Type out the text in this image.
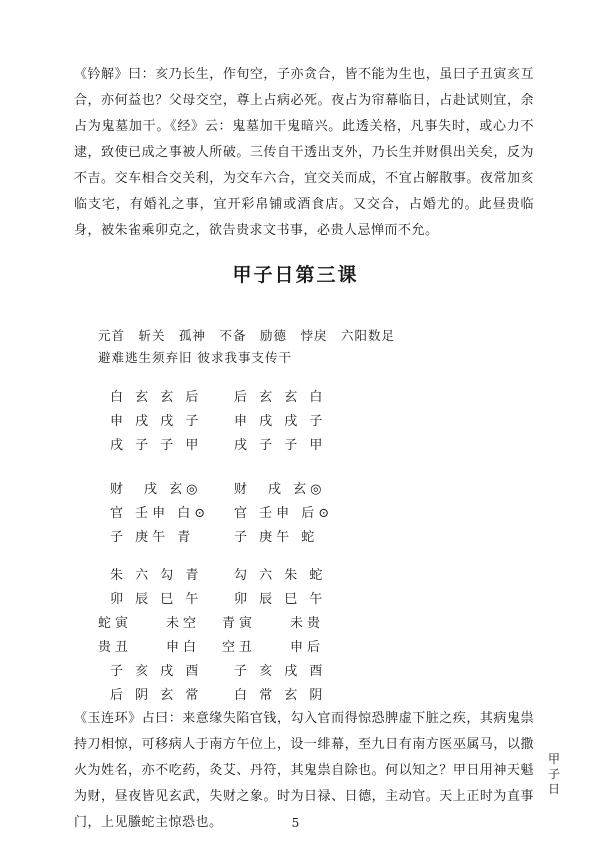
《钤解》曰：亥乃长生，作旬空，子亦贪合，皆不能为生也，虽曰子丑寅亥互合，亦何益也？父母交空，尊上占病必死。夜占为帘幕临日，占赴试则宜，余占为鬼墓加干。《经》云：鬼墓加干鬼暗兴。此透关格，凡事失时，或心力不逮，致使已成之事被人所破。三传自干透出支外，乃长生并财俱出关矣，反为不吉。交车相合交关利，为交车六合，宜交关而成，不宜占解散事。夜常加亥临支宅，有婚礼之事，宜开彩帛铺或酒食店。又交合，占婚尤的。此昼贵临身，被朱雀乘卯克之，欲告贵求文书事，必贵人忌惮而不允。

甲子日第三课
元首　斩关　孤神　不备　励德　悖戾　六阳数足
避难逃生须弃旧 彼求我事支传干
白 玄 玄 后
申 戌 戌 子
戌 子 子 甲
后 玄 玄 白
申 戌 戌 子
戌 子 子 甲
财　戌 玄◎
官 壬申 白⊙
子 庚午 青
财　戌 玄◎
官 壬申 后⊙
子 庚午 蛇
朱 六 勾 青
卯 辰 巳 午
蛇寅　　未空
贵丑　　申白
子 亥 戌 酉
后 阴 玄 常
勾 六 朱 蛇
卯 辰 巳 午
青寅　　未贵
空丑　　申后
子 亥 戌 酉
白 常 玄 阴

《玉连环》占曰：来意缘失陷官钱，勾入官而得惊恐脾虚下脏之疾，其病鬼祟持刀相惊，可移病人于南方午位上，设一绯幕，至九日有南方医巫属马，以撒火为姓名，亦不吃药，灸艾、丹符，其鬼祟自除也。何以知之？甲日用神天魁为财，昼夜皆见玄武，失财之象。时为日禄、日德，主动官。天上正时为直事门，上见螣蛇主惊恐也。

甲子日
5
